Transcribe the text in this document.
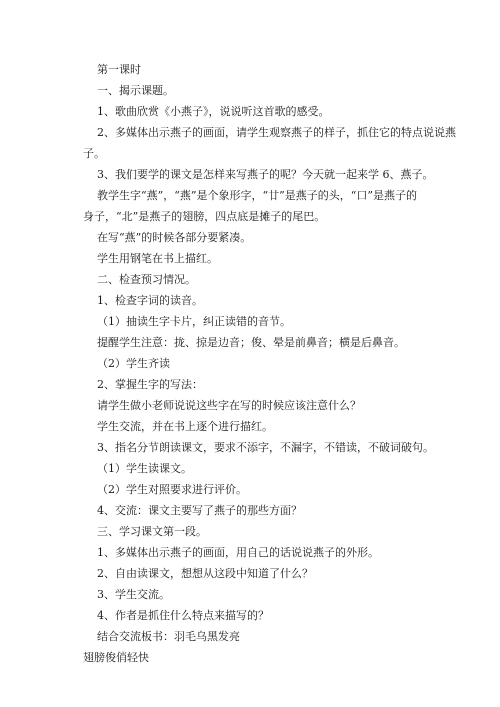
第一课时
一、揭示课题。
1、歌曲欣赏《小燕子》，说说听这首歌的感受。
2、多媒体出示燕子的画面，请学生观察燕子的样子，抓住它的特点说说燕
子。
3、我们要学的课文是怎样来写燕子的呢？今天就一起来学 6、燕子。
教学生字“燕”，“燕”是个象形字，“廿”是燕子的头，“口”是燕子的
身子，“北”是燕子的翅膀，四点底是摊子的尾巴。
在写“燕”的时候各部分要紧凑。
学生用钢笔在书上描红。
二、检查预习情况。
1、检查字词的读音。
（1）抽读生字卡片，纠正读错的音节。
提醒学生注意：拢、掠是边音；俊、晕是前鼻音；横是后鼻音。
（2）学生齐读
2、掌握生字的写法：
请学生做小老师说说这些字在写的时候应该注意什么？
学生交流，并在书上逐个进行描红。
3、指名分节朗读课文，要求不添字，不漏字，不错读，不破词破句。
（1）学生读课文。
（2）学生对照要求进行评价。
4、交流：课文主要写了燕子的那些方面？
三、学习课文第一段。
1、多媒体出示燕子的画面，用自己的话说说燕子的外形。
2、自由读课文，想想从这段中知道了什么？
3、学生交流。
4、作者是抓住什么特点来描写的？
结合交流板书：羽毛乌黑发亮
翅膀俊俏轻快
